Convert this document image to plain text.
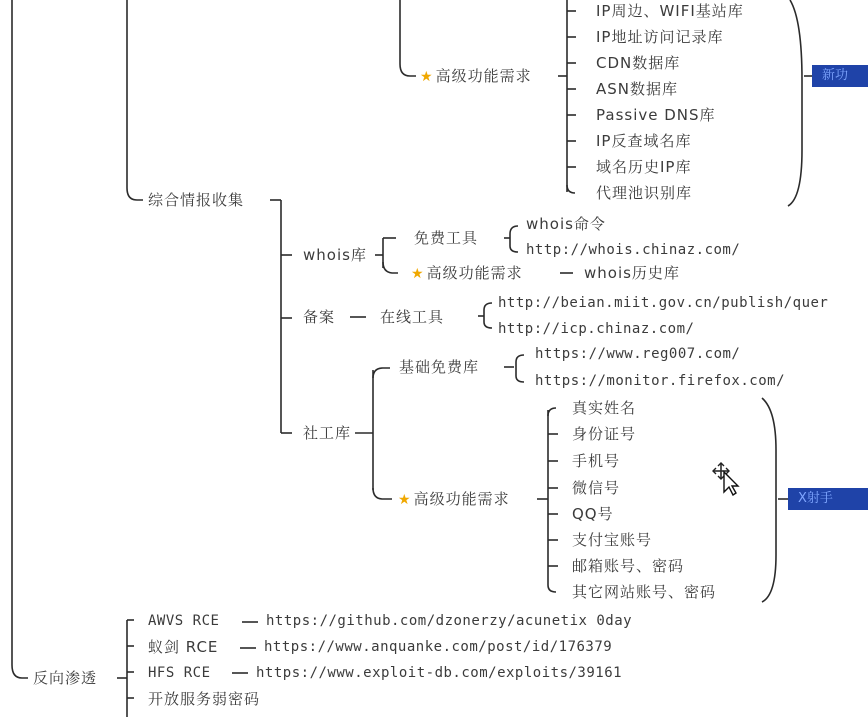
★ 高级功能需求
IP周边、WIFI基站库
IP地址访问记录库
CDN数据库
ASN数据库
Passive DNS库
IP反查域名库
域名历史IP库
代理池识别库
新功
综合情报收集
whois库
免费工具
whois命令
http://whois.chinaz.com/
★ 高级功能需求	whois历史库
备案	在线工具
http://beian.miit.gov.cn/publish/quer
http://icp.chinaz.com/
社工库
基础免费库
https://www.reg007.com/
https://monitor.firefox.com/
★ 高级功能需求
真实姓名
身份证号
手机号
微信号
QQ号
支付宝账号
邮箱账号、密码
其它网站账号、密码
X射手
反向渗透
AWVS RCE	https://github.com/dzonerzy/acunetix 0day
蚁剑 RCE	https://www.anquanke.com/post/id/176379
HFS RCE	https://www.exploit-db.com/exploits/39161
开放服务弱密码
